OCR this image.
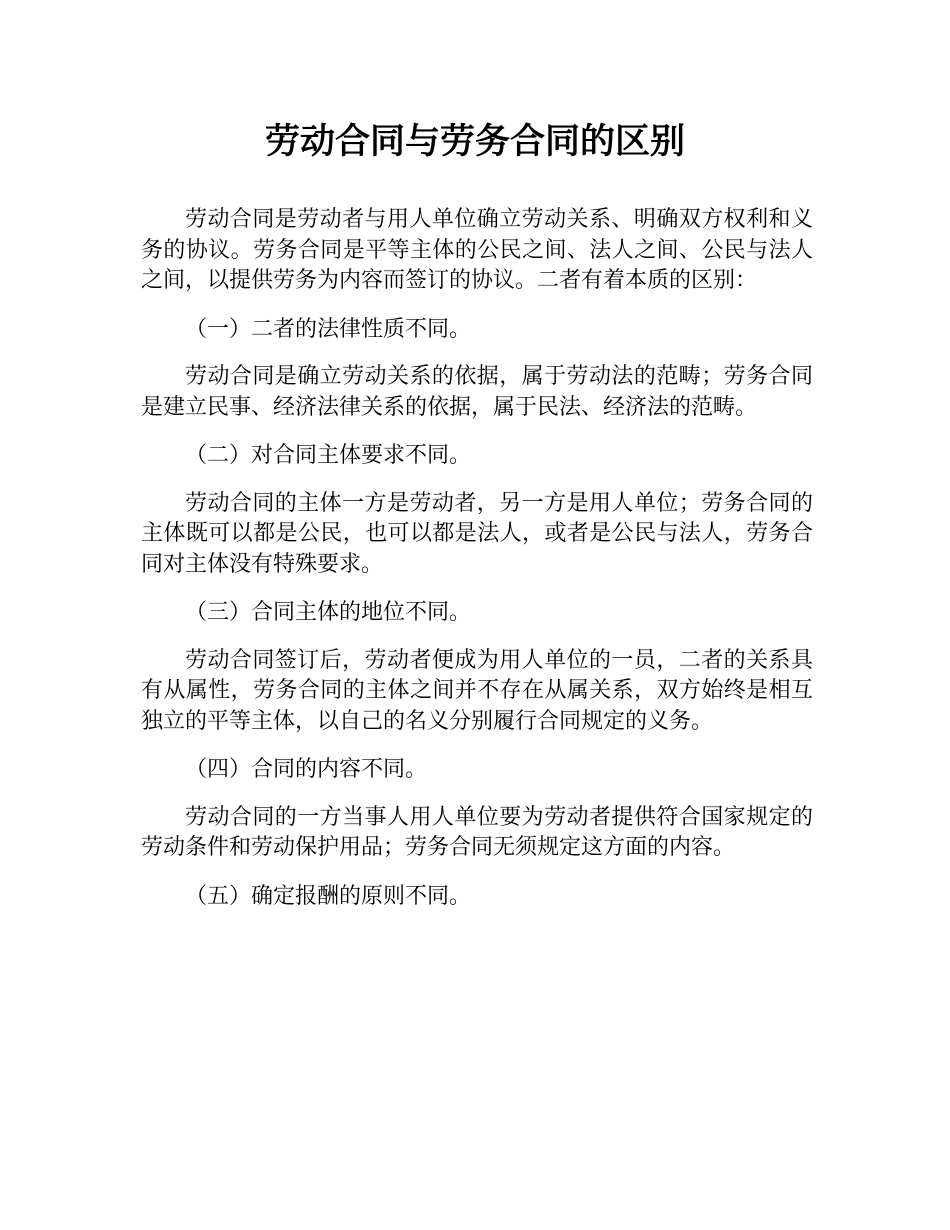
劳动合同与劳务合同的区别

劳动合同是劳动者与用人单位确立劳动关系、明确双方权利和义务的协议。劳务合同是平等主体的公民之间、法人之间、公民与法人之间，以提供劳务为内容而签订的协议。二者有着本质的区别：

（一）二者的法律性质不同。

劳动合同是确立劳动关系的依据，属于劳动法的范畴；劳务合同是建立民事、经济法律关系的依据，属于民法、经济法的范畴。

（二）对合同主体要求不同。

劳动合同的主体一方是劳动者，另一方是用人单位；劳务合同的主体既可以都是公民，也可以都是法人，或者是公民与法人，劳务合同对主体没有特殊要求。

（三）合同主体的地位不同。

劳动合同签订后，劳动者便成为用人单位的一员，二者的关系具有从属性，劳务合同的主体之间并不存在从属关系，双方始终是相互独立的平等主体，以自己的名义分别履行合同规定的义务。

（四）合同的内容不同。

劳动合同的一方当事人用人单位要为劳动者提供符合国家规定的劳动条件和劳动保护用品；劳务合同无须规定这方面的内容。

（五）确定报酬的原则不同。
